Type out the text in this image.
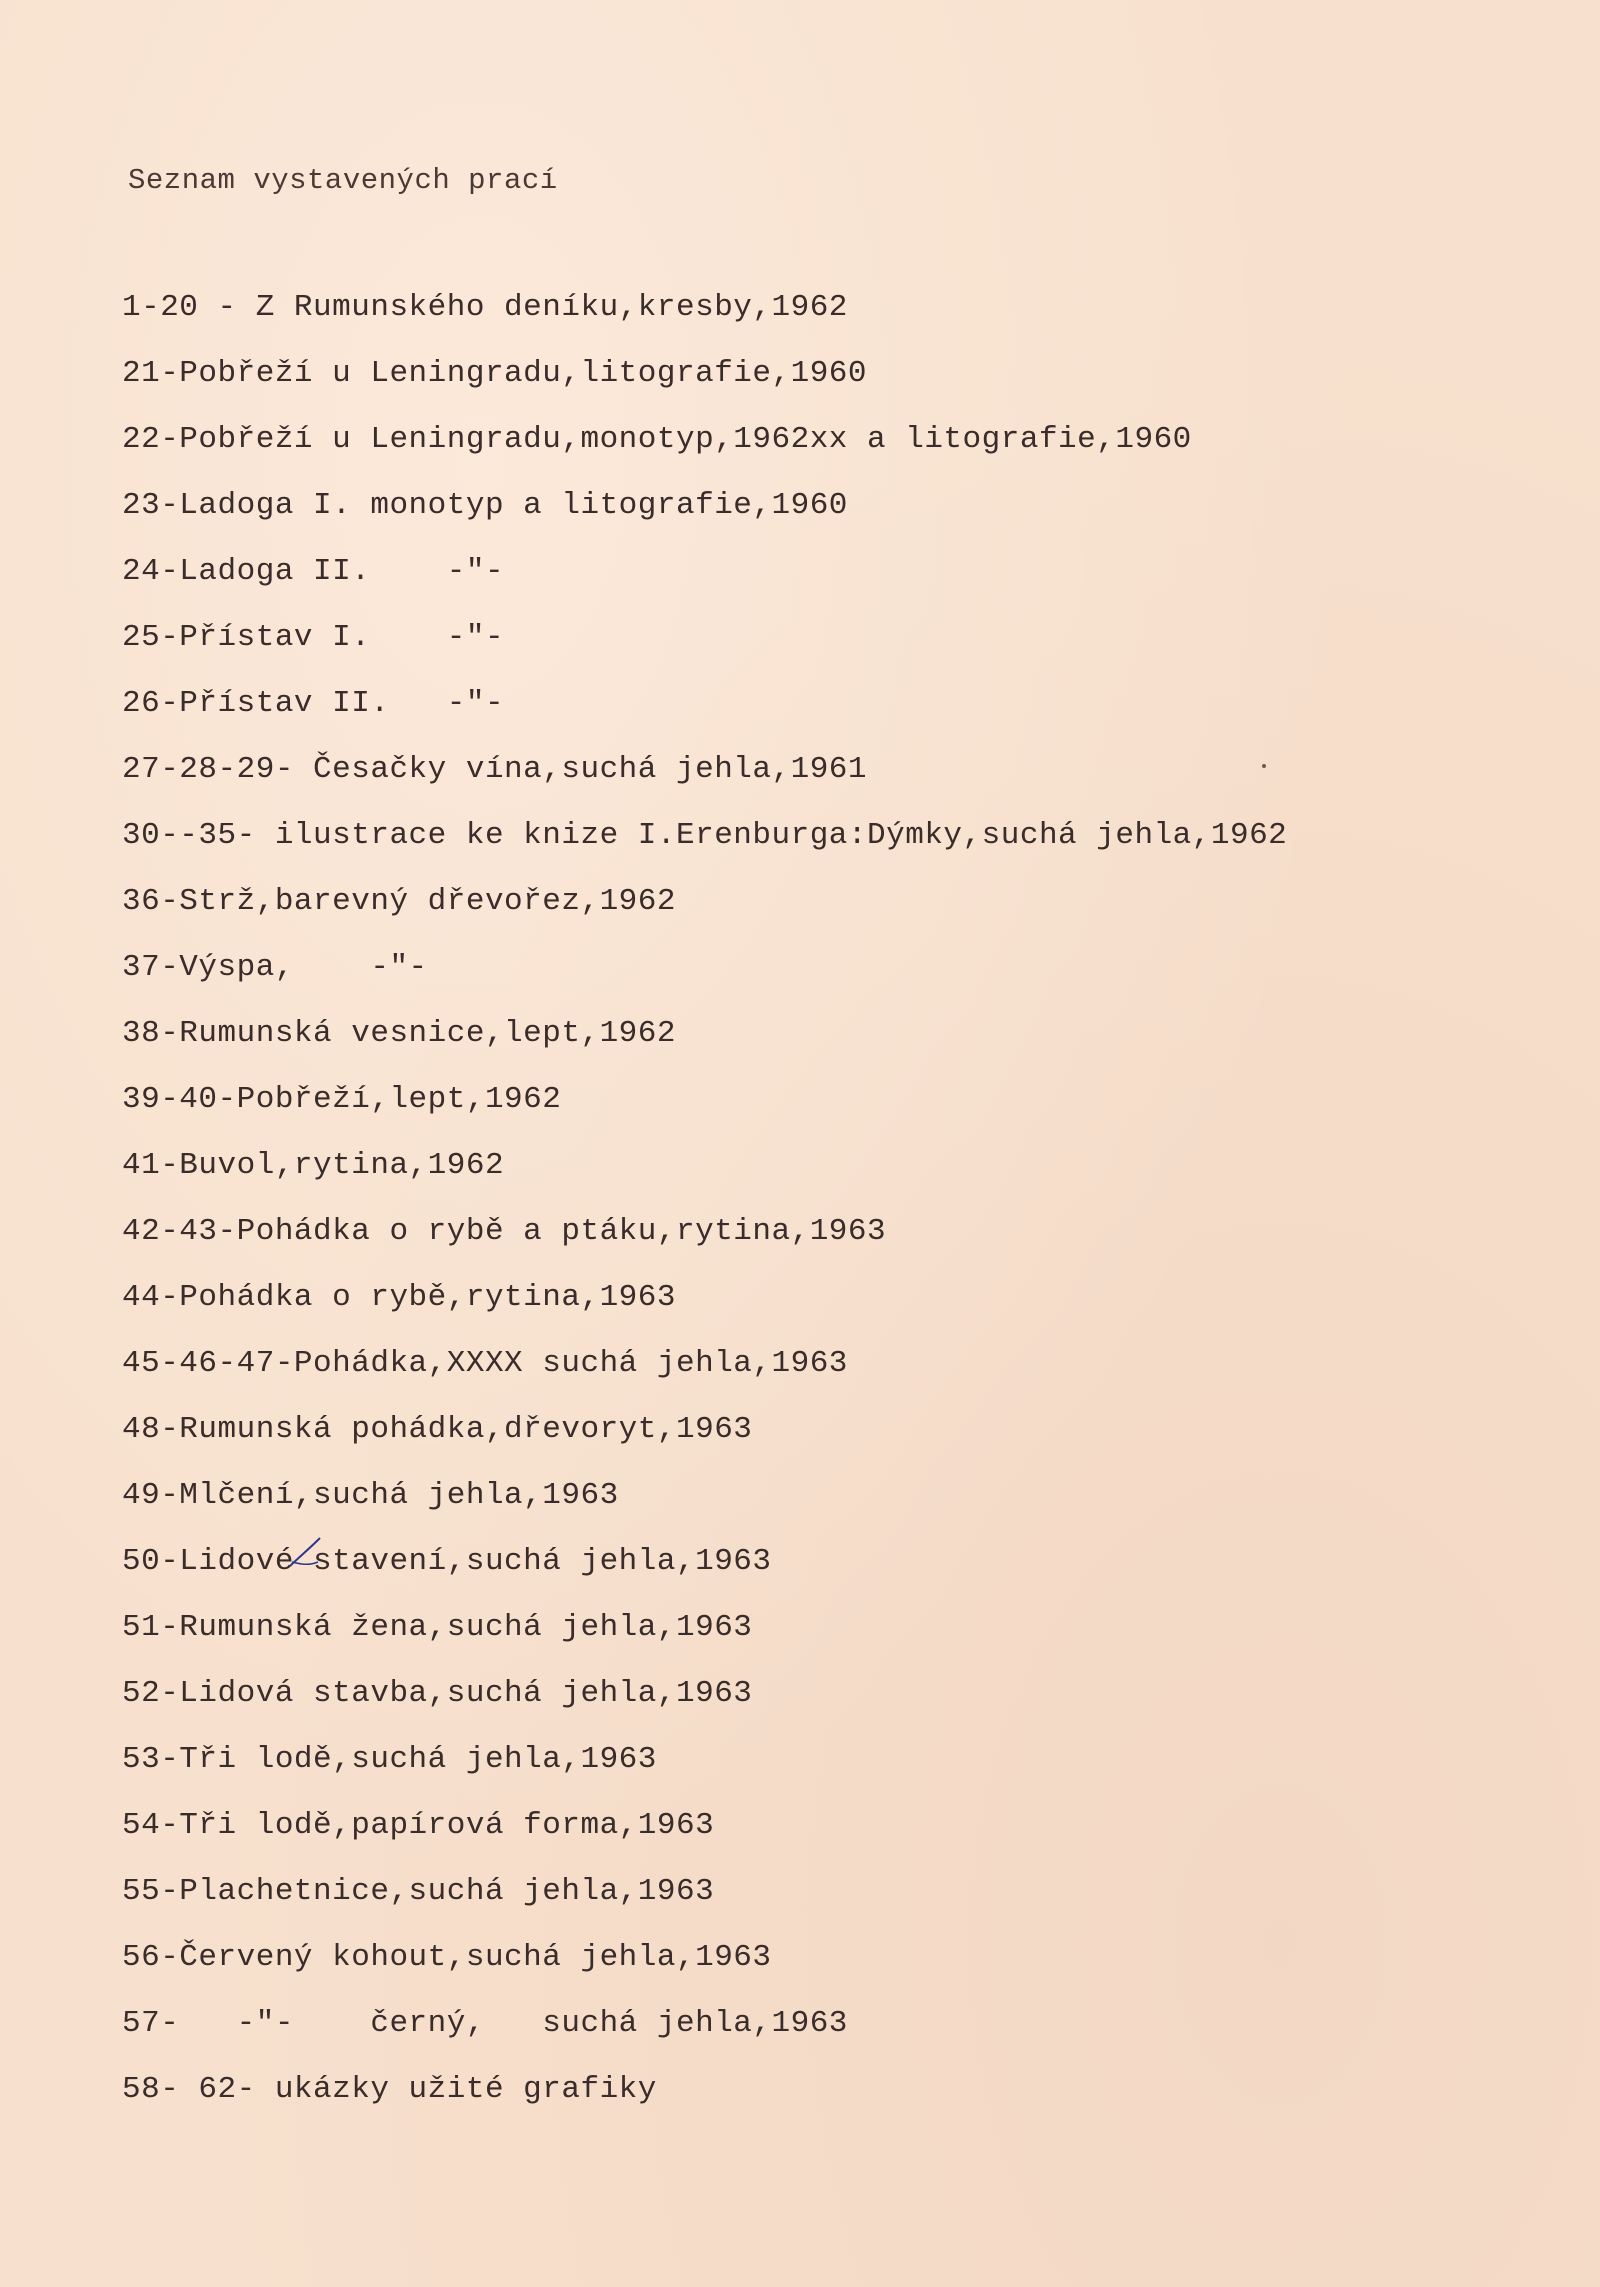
Seznam vystavených prací

1-20 - Z Rumunského deníku,kresby,1962
21-Pobřeží u Leningradu,litografie,1960
22-Pobřeží u Leningradu,monotyp,1962xx a litografie,1960
23-Ladoga I. monotyp a litografie,1960
24-Ladoga II.    -"-
25-Přístav I.    -"-
26-Přístav II.   -"-
27-28-29- Česačky vína,suchá jehla,1961
30--35- ilustrace ke knize I.Erenburga:Dýmky,suchá jehla,1962
36-Strž,barevný dřevořez,1962
37-Výspa,    -"-
38-Rumunská vesnice,lept,1962
39-40-Pobřeží,lept,1962
41-Buvol,rytina,1962
42-43-Pohádka o rybě a ptáku,rytina,1963
44-Pohádka o rybě,rytina,1963
45-46-47-Pohádka,XXXX suchá jehla,1963
48-Rumunská pohádka,dřevoryt,1963
49-Mlčení,suchá jehla,1963
50-Lidové stavení,suchá jehla,1963
51-Rumunská žena,suchá jehla,1963
52-Lidová stavba,suchá jehla,1963
53-Tři lodě,suchá jehla,1963
54-Tři lodě,papírová forma,1963
55-Plachetnice,suchá jehla,1963
56-Červený kohout,suchá jehla,1963
57-   -"-    černý,   suchá jehla,1963
58- 62- ukázky užité grafiky
